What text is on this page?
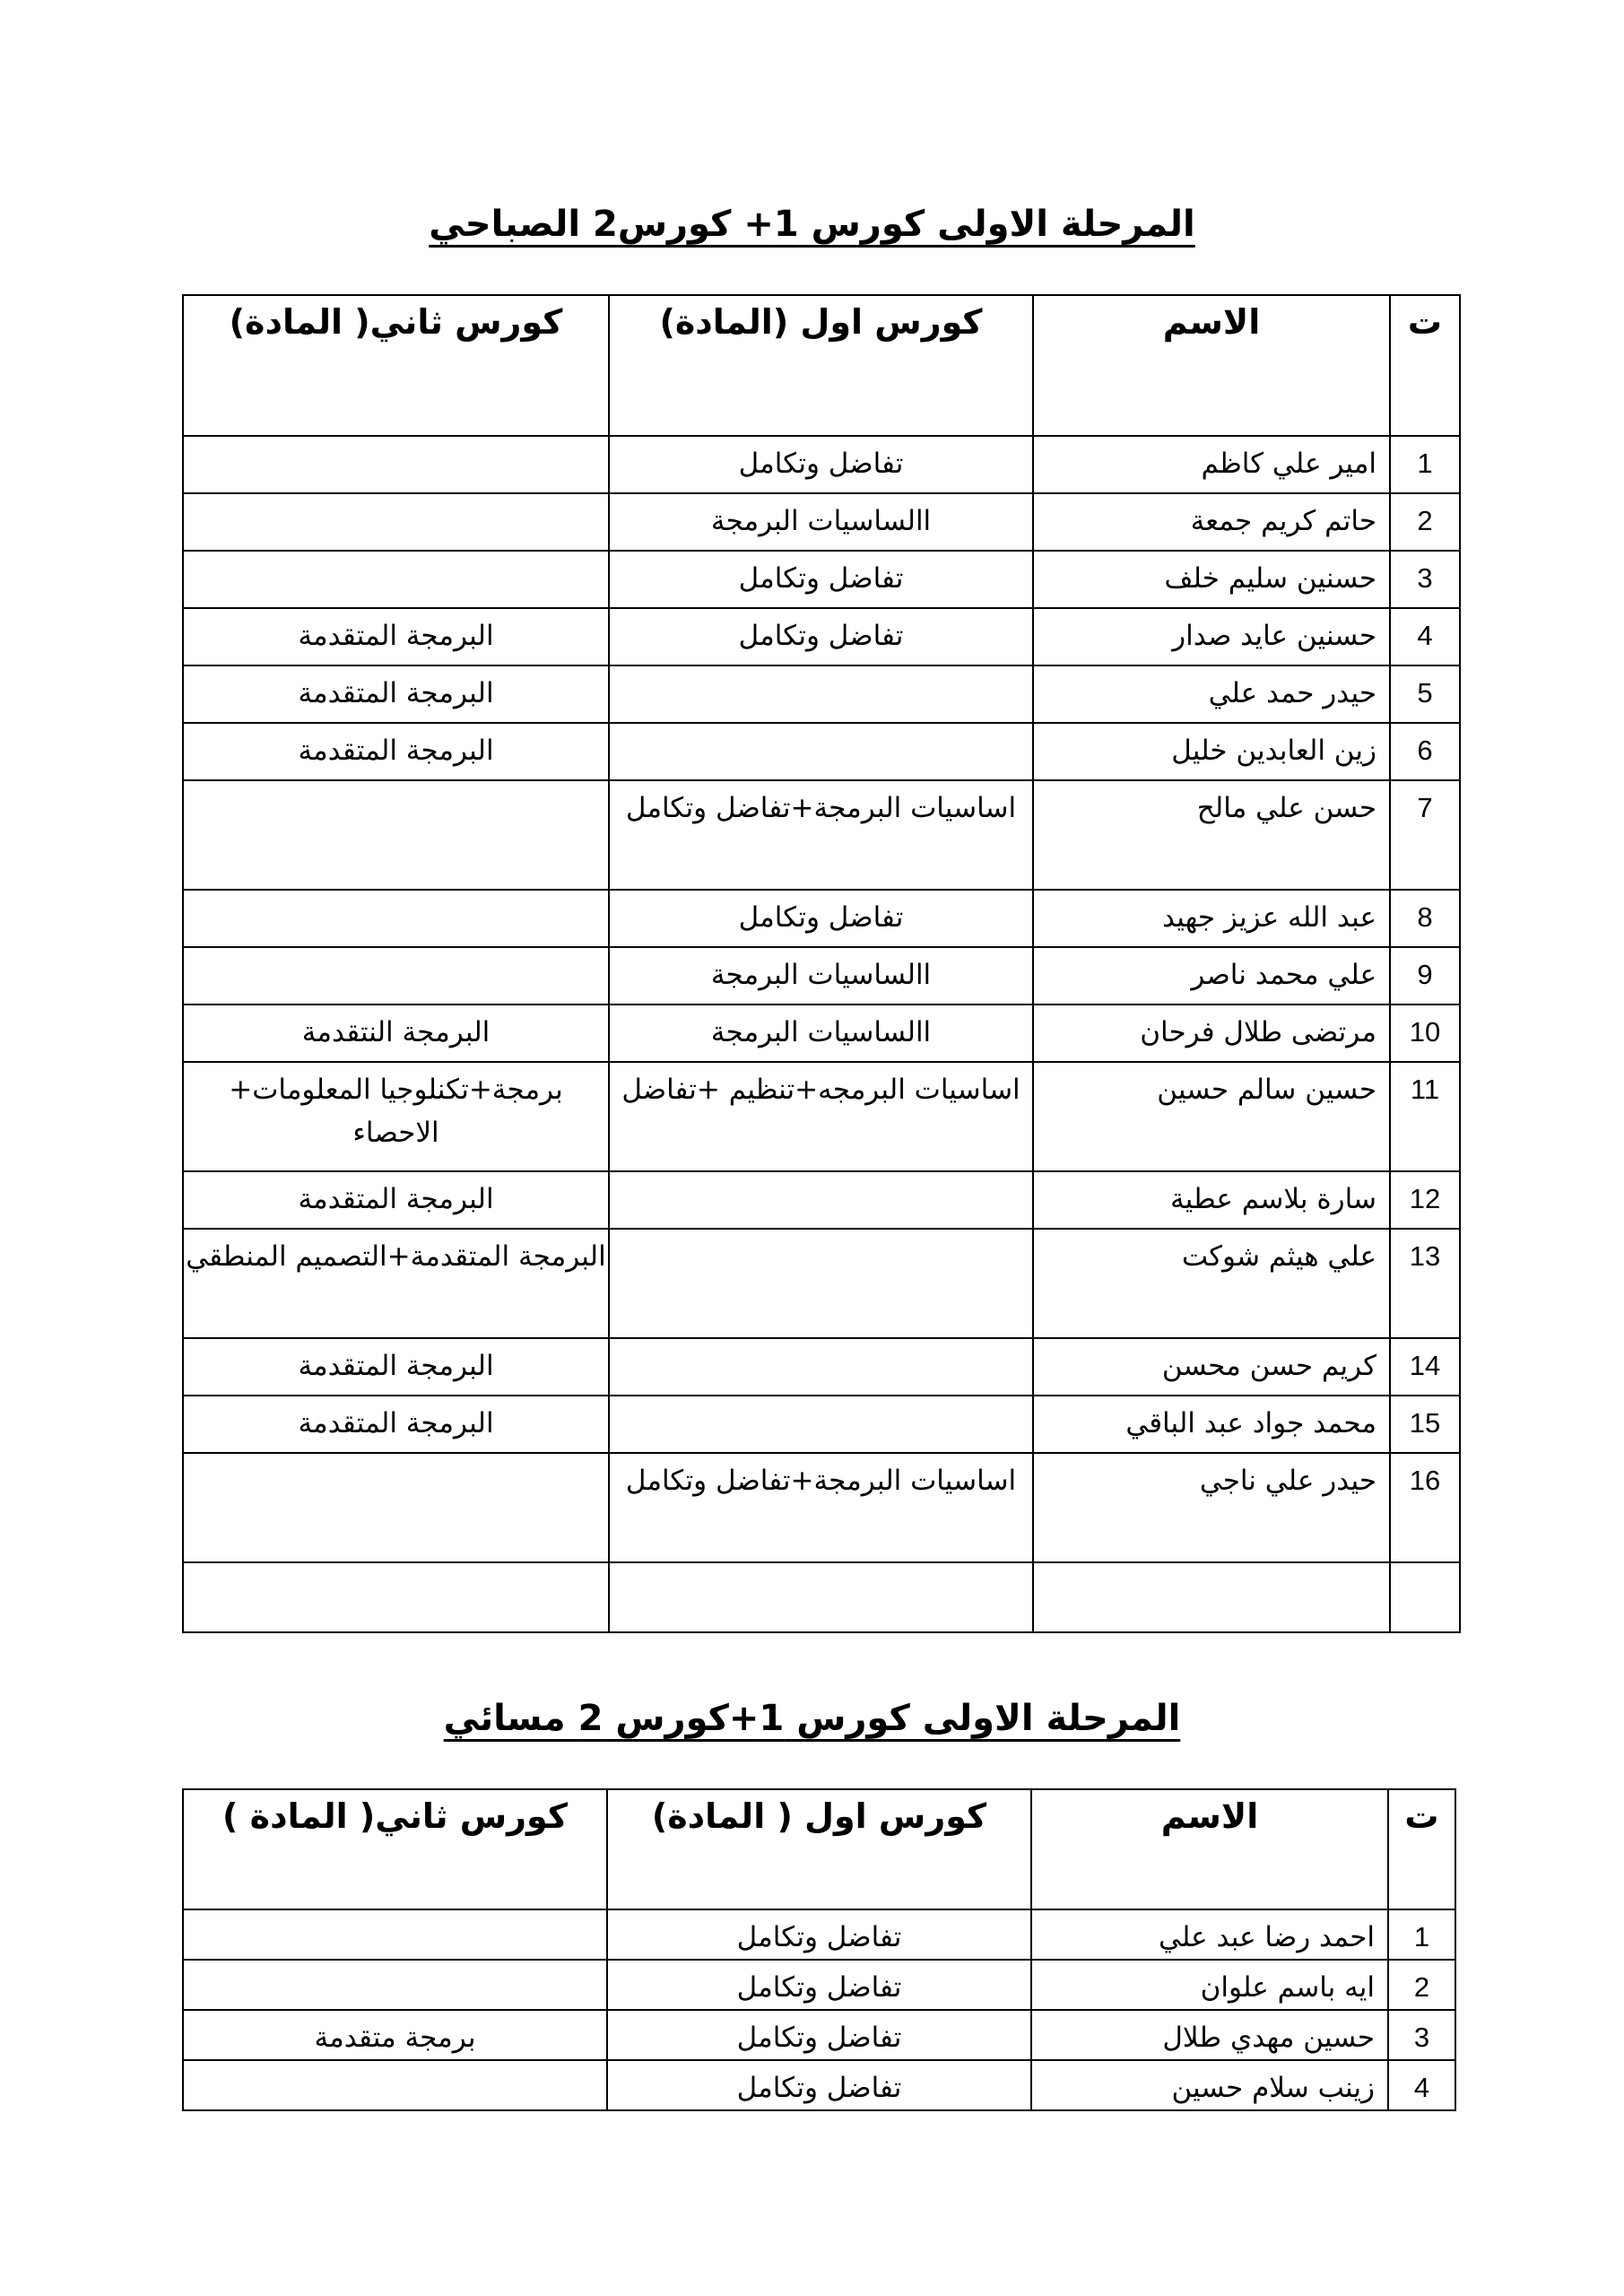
المرحلة الاولى كورس 1+ كورس2 الصباحي
ت	الاسم	كورس اول (المادة)	كورس ثاني( المادة)
1	امير علي كاظم	تفاضل وتكامل	
2	حاتم كريم جمعة	االساسيات البرمجة	
3	حسنين سليم خلف	تفاضل وتكامل	
4	حسنين عايد صدار	تفاضل وتكامل	البرمجة المتقدمة
5	حيدر حمد علي		البرمجة المتقدمة
6	زين العابدين خليل		البرمجة المتقدمة
7	حسن علي مالح	اساسيات البرمجة+تفاضل وتكامل	
8	عبد الله عزيز جهيد	تفاضل وتكامل	
9	علي محمد ناصر	االساسيات البرمجة	
10	مرتضى طلال فرحان	االساسيات البرمجة	البرمجة النتقدمة
11	حسين سالم حسين	اساسيات البرمجه+تنظيم +تفاضل	برمجة+تكنلوجيا المعلومات+ الاحصاء
12	سارة بلاسم عطية		البرمجة المتقدمة
13	علي هيثم شوكت		البرمجة المتقدمة+التصميم المنطقي
14	كريم حسن محسن		البرمجة المتقدمة
15	محمد جواد عبد الباقي		البرمجة المتقدمة
16	حيدر علي ناجي	اساسيات البرمجة+تفاضل وتكامل	

المرحلة الاولى كورس 1+كورس 2 مسائي
ت	الاسم	كورس اول ( المادة)	كورس ثاني( المادة )
1	احمد رضا عبد علي	تفاضل وتكامل	
2	ايه باسم علوان	تفاضل وتكامل	
3	حسين مهدي طلال	تفاضل وتكامل	برمجة متقدمة
4	زينب سلام حسين	تفاضل وتكامل	
